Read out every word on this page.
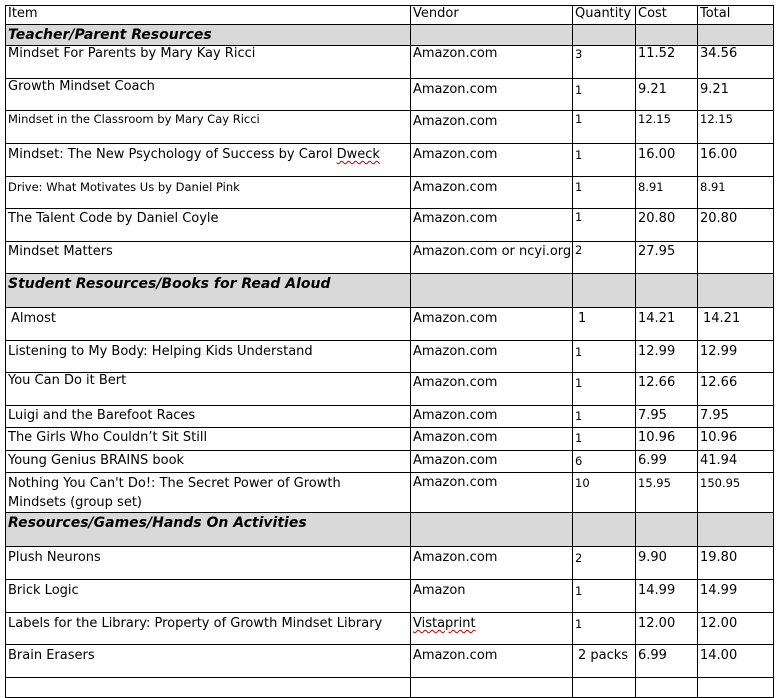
Item	Vendor	Quantity	Cost	Total
Teacher/Parent Resources				
Mindset For Parents by Mary Kay Ricci	Amazon.com	3	11.52	34.56
Growth Mindset Coach	Amazon.com	1	9.21	9.21
Mindset in the Classroom by Mary Cay Ricci	Amazon.com	1	12.15	12.15
Mindset: The New Psychology of Success by Carol Dweck	Amazon.com	1	16.00	16.00
Drive: What Motivates Us by Daniel Pink	Amazon.com	1	8.91	8.91
The Talent Code by Daniel Coyle	Amazon.com	1	20.80	20.80
Mindset Matters	Amazon.com or ncyi.org	2	27.95	
Student Resources/Books for Read Aloud				
Almost	Amazon.com	1	14.21	14.21
Listening to My Body: Helping Kids Understand	Amazon.com	1	12.99	12.99
You Can Do it Bert	Amazon.com	1	12.66	12.66
Luigi and the Barefoot Races	Amazon.com	1	7.95	7.95
The Girls Who Couldn’t Sit Still	Amazon.com	1	10.96	10.96
Young Genius BRAINS book	Amazon.com	6	6.99	41.94
Nothing You Can't Do!: The Secret Power of Growth Mindsets (group set)	Amazon.com	10	15.95	150.95
Resources/Games/Hands On Activities				
Plush Neurons	Amazon.com	2	9.90	19.80
Brick Logic	Amazon	1	14.99	14.99
Labels for the Library: Property of Growth Mindset Library	Vistaprint	1	12.00	12.00
Brain Erasers	Amazon.com	2 packs	6.99	14.00
